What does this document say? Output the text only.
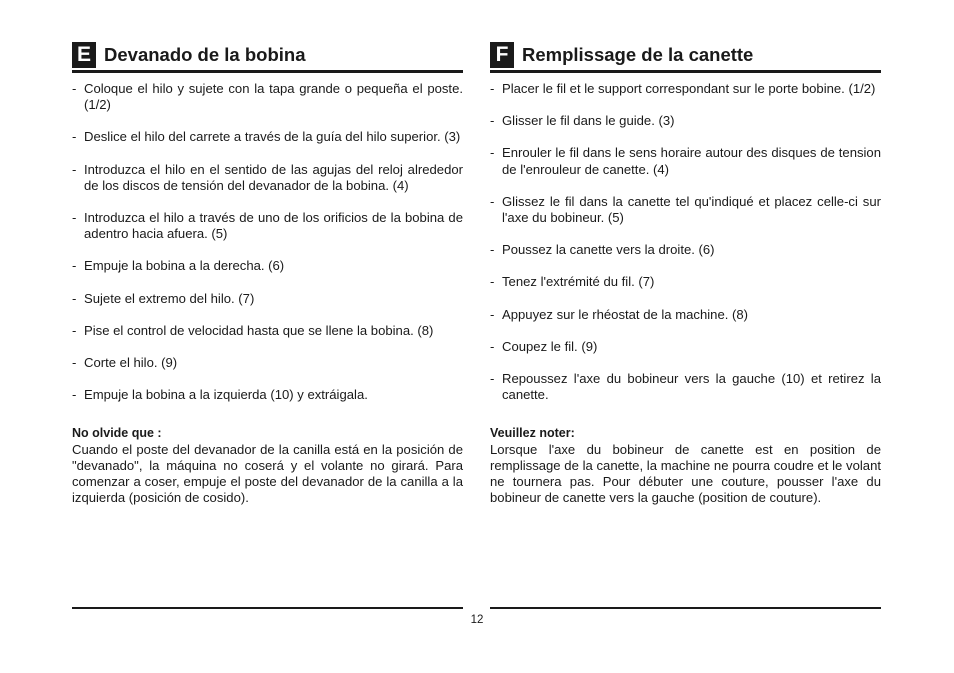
E Devanado de la bobina
- Coloque el hilo y sujete con la tapa grande o pequeña el poste. (1/2)
- Deslice el hilo del carrete a través de la guía del hilo superior. (3)
- Introduzca el hilo en el sentido de las agujas del reloj alrededor de los discos de tensión del devanador de la bobina. (4)
- Introduzca el hilo a través de uno de los orificios de la bobina de adentro hacia afuera. (5)
- Empuje la bobina a la derecha. (6)
- Sujete el extremo del hilo. (7)
- Pise el control de velocidad hasta que se llene la bobina. (8)
- Corte el hilo. (9)
- Empuje la bobina a la izquierda (10) y extráigala.
No olvide que :
Cuando el poste del devanador de la canilla está en la posición de "devanado", la máquina no coserá y el volante no girará. Para comenzar a coser, empuje el poste del devanador de la canilla a la izquierda (posición de cosido).
F Remplissage de la canette
- Placer le fil et le support correspondant sur le porte bobine. (1/2)
- Glisser le fil dans le guide. (3)
- Enrouler le fil dans le sens horaire autour des disques de tension de l'enrouleur de canette. (4)
- Glissez le fil dans la canette tel qu'indiqué et placez celle-ci sur l'axe du bobineur. (5)
- Poussez la canette vers la droite. (6)
- Tenez l'extrémité du fil. (7)
- Appuyez sur le rhéostat de la machine. (8)
- Coupez le fil. (9)
- Repoussez l'axe du bobineur vers la gauche (10) et retirez la canette.
Veuillez noter:
Lorsque l'axe du bobineur de canette est en position de remplissage de la canette, la machine ne pourra coudre et le volant ne tournera pas. Pour débuter une couture, pousser l'axe du bobineur de canette vers la gauche (position de couture).
12
